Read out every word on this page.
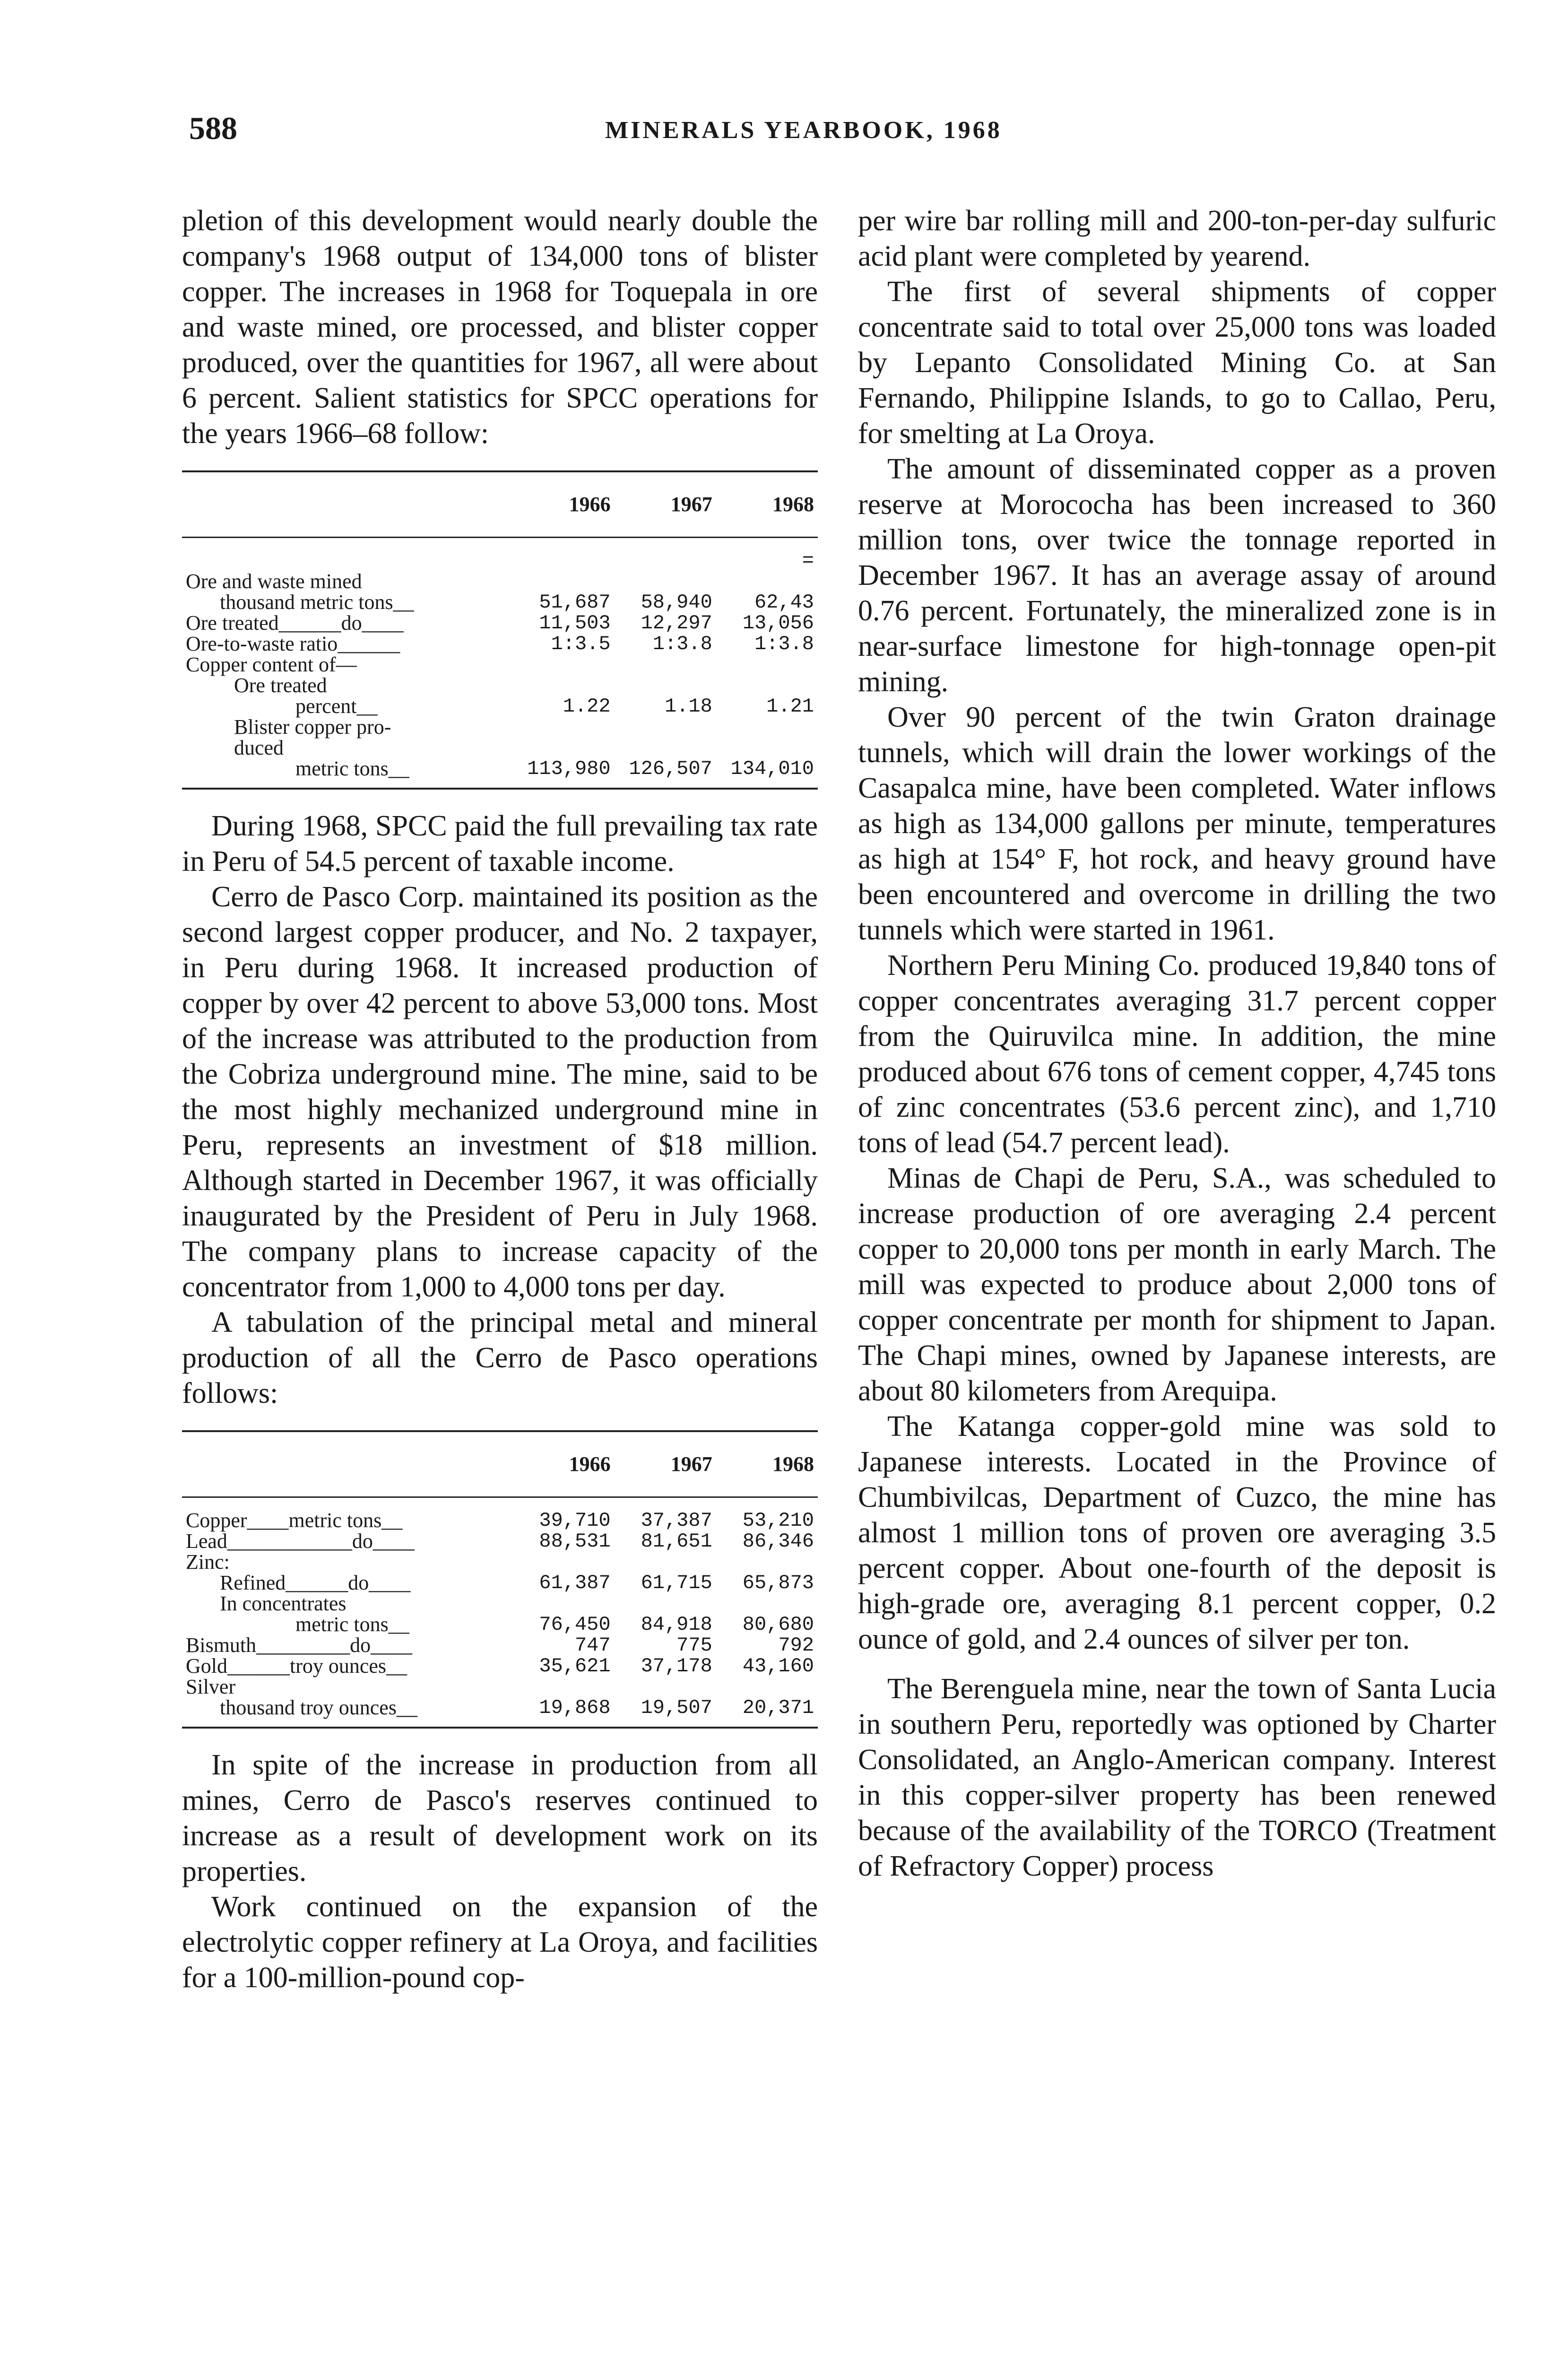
588	MINERALS YEARBOOK, 1968

pletion of this development would nearly double the company's 1968 output of 134,000 tons of blister copper. The increases in 1968 for Toquepala in ore and waste mined, ore processed, and blister copper produced, over the quantities for 1967, all were about 6 percent. Salient statistics for SPCC operations for the years 1966–68 follow:

	1966	1967	1968
			=
Ore and waste mined			
thousand metric tons__	51,687	58,940	62,43
Ore treated______do____	11,503	12,297	13,056
Ore-to-waste ratio______	1:3.5	1:3.8	1:3.8
Copper content of—			
Ore treated			
percent__	1.22	1.18	1.21
Blister copper pro-			
duced			
metric tons__	113,980	126,507	134,010

During 1968, SPCC paid the full prevailing tax rate in Peru of 54.5 percent of taxable income.

Cerro de Pasco Corp. maintained its position as the second largest copper producer, and No. 2 taxpayer, in Peru during 1968. It increased production of copper by over 42 percent to above 53,000 tons. Most of the increase was attributed to the production from the Cobriza underground mine. The mine, said to be the most highly mechanized underground mine in Peru, represents an investment of $18 million. Although started in December 1967, it was officially inaugurated by the President of Peru in July 1968. The company plans to increase capacity of the concentrator from 1,000 to 4,000 tons per day.

A tabulation of the principal metal and mineral production of all the Cerro de Pasco operations follows:

	1966	1967	1968
Copper____metric tons__	39,710	37,387	53,210
Lead____________do____	88,531	81,651	86,346
Zinc:			
Refined______do____	61,387	61,715	65,873
In concentrates			
metric tons__	76,450	84,918	80,680
Bismuth_________do____	747	775	792
Gold______troy ounces__	35,621	37,178	43,160
Silver			
thousand troy ounces__	19,868	19,507	20,371

In spite of the increase in production from all mines, Cerro de Pasco's reserves continued to increase as a result of development work on its properties.

Work continued on the expansion of the electrolytic copper refinery at La Oroya, and facilities for a 100-million-pound cop-

per wire bar rolling mill and 200-ton-per-day sulfuric acid plant were completed by yearend.

The first of several shipments of copper concentrate said to total over 25,000 tons was loaded by Lepanto Consolidated Mining Co. at San Fernando, Philippine Islands, to go to Callao, Peru, for smelting at La Oroya.

The amount of disseminated copper as a proven reserve at Morococha has been increased to 360 million tons, over twice the tonnage reported in December 1967. It has an average assay of around 0.76 percent. Fortunately, the mineralized zone is in near-surface limestone for high-tonnage open-pit mining.

Over 90 percent of the twin Graton drainage tunnels, which will drain the lower workings of the Casapalca mine, have been completed. Water inflows as high as 134,000 gallons per minute, temperatures as high at 154° F, hot rock, and heavy ground have been encountered and overcome in drilling the two tunnels which were started in 1961.

Northern Peru Mining Co. produced 19,840 tons of copper concentrates averaging 31.7 percent copper from the Quiruvilca mine. In addition, the mine produced about 676 tons of cement copper, 4,745 tons of zinc concentrates (53.6 percent zinc), and 1,710 tons of lead (54.7 percent lead).

Minas de Chapi de Peru, S.A., was scheduled to increase production of ore averaging 2.4 percent copper to 20,000 tons per month in early March. The mill was expected to produce about 2,000 tons of copper concentrate per month for shipment to Japan. The Chapi mines, owned by Japanese interests, are about 80 kilometers from Arequipa.

The Katanga copper-gold mine was sold to Japanese interests. Located in the Province of Chumbivilcas, Department of Cuzco, the mine has almost 1 million tons of proven ore averaging 3.5 percent copper. About one-fourth of the deposit is high-grade ore, averaging 8.1 percent copper, 0.2 ounce of gold, and 2.4 ounces of silver per ton.

The Berenguela mine, near the town of Santa Lucia in southern Peru, reportedly was optioned by Charter Consolidated, an Anglo-American company. Interest in this copper-silver property has been renewed because of the availability of the TORCO (Treatment of Refractory Copper) process
